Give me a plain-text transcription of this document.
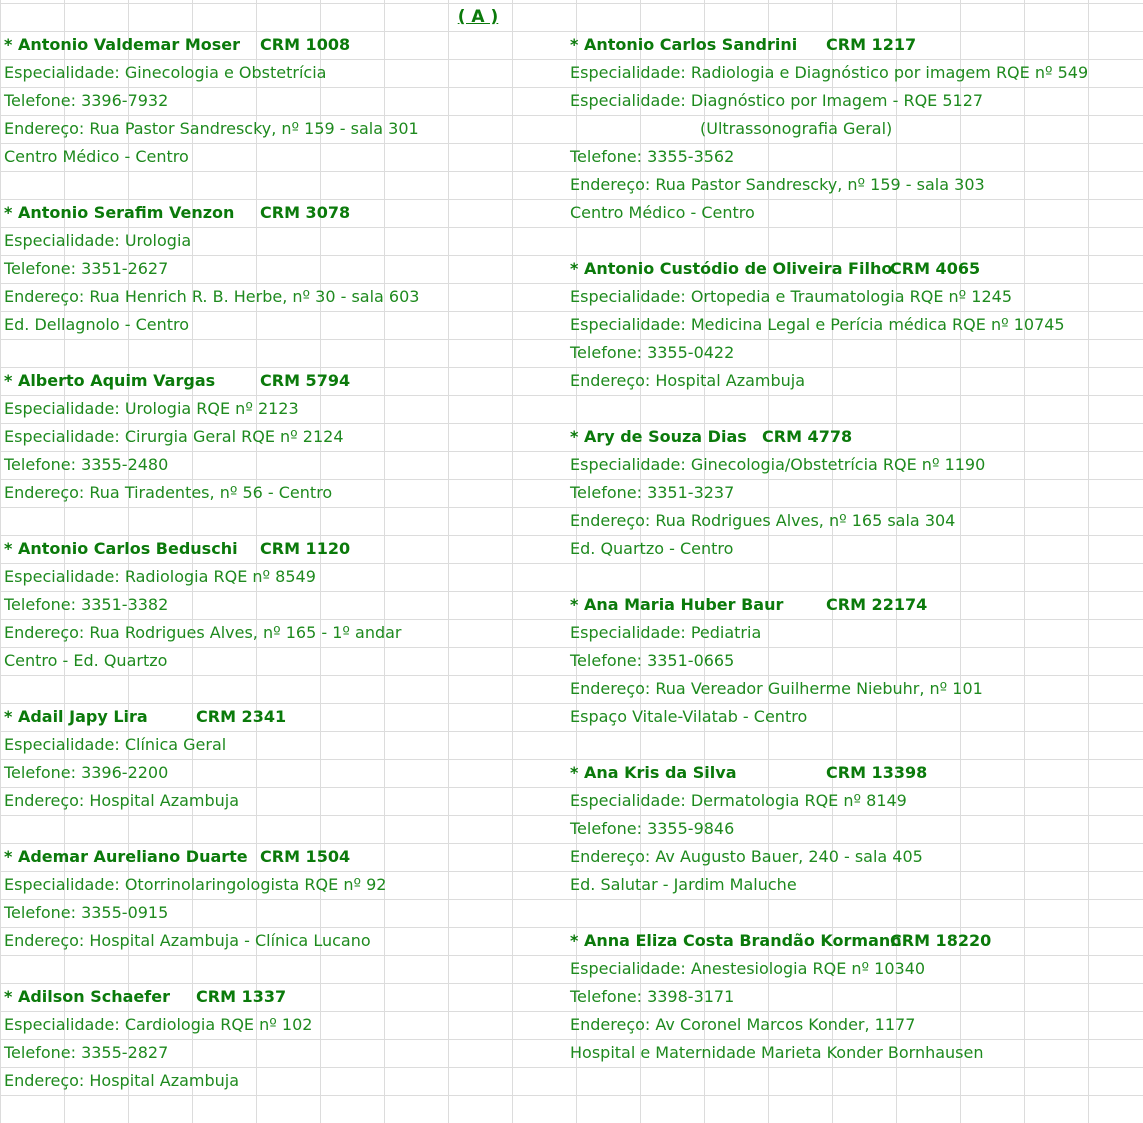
( A )
* Antonio Valdemar Moser CRM 1008
Especialidade: Ginecologia e Obstetrícia
Telefone: 3396-7932
Endereço: Rua Pastor Sandrescky, nº 159 - sala 301
Centro Médico - Centro
* Antonio Serafim Venzon CRM 3078
Especialidade: Urologia
Telefone: 3351-2627
Endereço: Rua Henrich R. B. Herbe, nº 30 - sala 603
Ed. Dellagnolo - Centro
* Alberto Aquim Vargas	CRM 5794
Especialidade: Urologia RQE nº 2123
Especialidade: Cirurgia Geral RQE nº 2124
Telefone: 3355-2480
Endereço: Rua Tiradentes, nº 56 - Centro
* Antonio Carlos Beduschi CRM 1120
Especialidade: Radiologia RQE nº 8549
Telefone: 3351-3382
Endereço: Rua Rodrigues Alves, nº 165 - 1º andar
Centro - Ed. Quartzo
* Adail Japy Lira	CRM 2341
Especialidade: Clínica Geral
Telefone: 3396-2200
Endereço: Hospital Azambuja
* Ademar Aureliano Duarte CRM 1504
Especialidade: Otorrinolaringologista RQE nº 92
Telefone: 3355-0915
Endereço: Hospital Azambuja - Clínica Lucano
* Adilson Schaefer CRM 1337
Especialidade: Cardiologia RQE nº 102
Telefone: 3355-2827
Endereço: Hospital Azambuja
* Antonio Carlos Sandrini CRM 1217
Especialidade: Radiologia e Diagnóstico por imagem RQE nº 549
Especialidade: Diagnóstico por Imagem - RQE 5127
(Ultrassonografia Geral)
Telefone: 3355-3562
Endereço: Rua Pastor Sandrescky, nº 159 - sala 303
Centro Médico - Centro
* Antonio Custódio de Oliveira Filho
CRM 4065
Especialidade: Ortopedia e Traumatologia RQE nº 1245
Especialidade: Medicina Legal e Perícia médica RQE nº 10745
Telefone: 3355-0422
Endereço: Hospital Azambuja
* Ary de Souza Dias CRM 4778
Especialidade: Ginecologia/Obstetrícia RQE nº 1190
Telefone: 3351-3237
Endereço: Rua Rodrigues Alves, nº 165 sala 304
Ed. Quartzo - Centro
* Ana Maria Huber Baur	CRM 22174
Especialidade: Pediatria
Telefone: 3351-0665
Endereço: Rua Vereador Guilherme Niebuhr, nº 101
Espaço Vitale-Vilatab - Centro
* Ana Kris da Silva	CRM 13398
Especialidade: Dermatologia RQE nº 8149
Telefone: 3355-9846
Endereço: Av Augusto Bauer, 240 - sala 405
Ed. Salutar - Jardim Maluche
* Anna Eliza Costa Brandão Kormann
CRM 18220
Especialidade: Anestesiologia RQE nº 10340
Telefone: 3398-3171
Endereço: Av Coronel Marcos Konder, 1177
Hospital e Maternidade Marieta Konder Bornhausen
